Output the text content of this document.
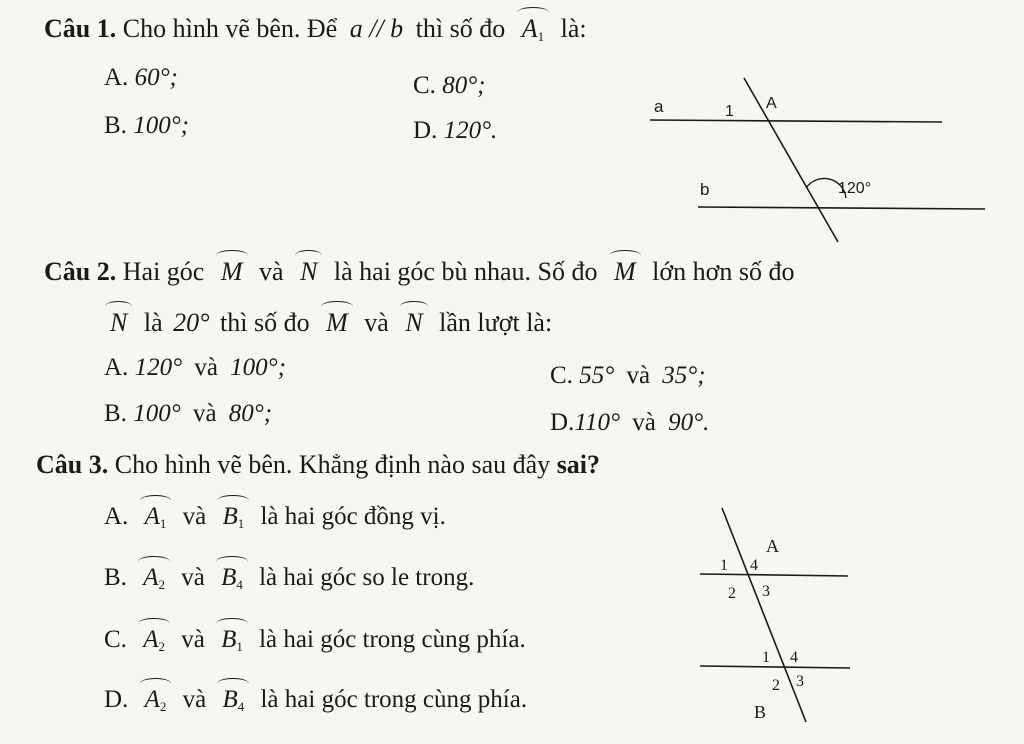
Câu 1. Cho hình vẽ bên. Để a // b thì số đo $A_1$ là:
A. 60°;	C. 80°;
B. 100°;	D. 120°.
a	1 A
b	120°
Câu 2. Hai góc M và N là hai góc bù nhau. Số đo M lớn hơn số đo
N là 20° thì số đo M và N lần lượt là:
A. 120° và 100°;	C. 55° và 35°;
B. 100° và 80°;	D.110° và 90°.
Câu 3. Cho hình vẽ bên. Khẳng định nào sau đây sai?
A. $A_1$ và $B_1$ là hai góc đồng vị.
B. $A_2$ và $B_4$ là hai góc so le trong.
C. $A_2$ và $B_1$ là hai góc trong cùng phía.
D. $A_2$ và $B_4$ là hai góc trong cùng phía.
A
1 4
2 3
1 4
2 3
B
